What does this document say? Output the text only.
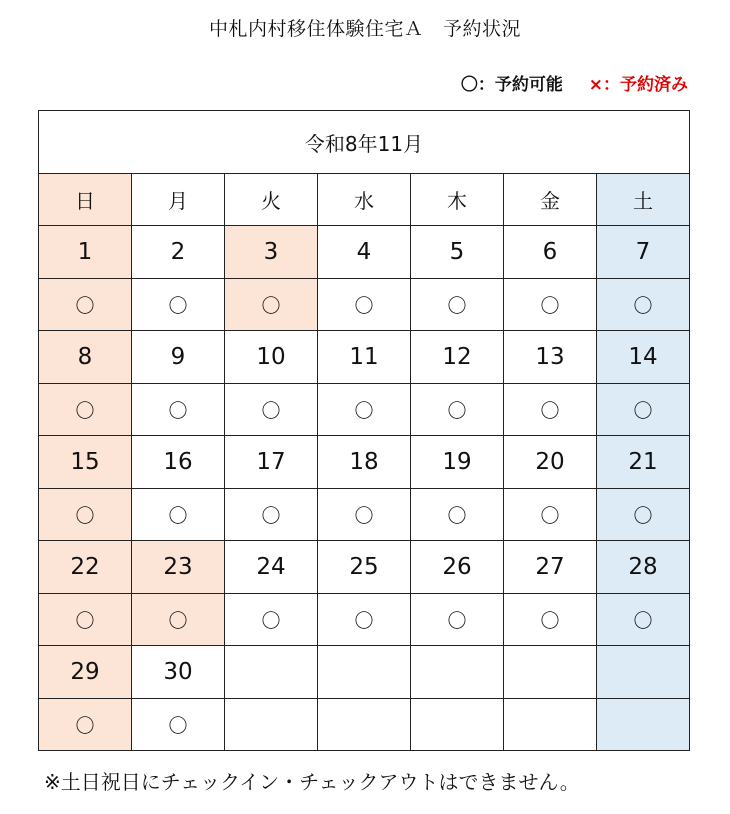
中札内村移住体験住宅Ａ　予約状況
〇：予約可能 ×：予約済み
令和8年11月						
日	月	火	水	木	金	土
1	2	3	4	5	6	7
〇	〇	〇	〇	〇	〇	〇
8	9	10	11	12	13	14
〇	〇	〇	〇	〇	〇	〇
15	16	17	18	19	20	21
〇	〇	〇	〇	〇	〇	〇
22	23	24	25	26	27	28
〇	〇	〇	〇	〇	〇	〇
29	30					
〇	〇					
※土日祝日にチェックイン・チェックアウトはできません。
